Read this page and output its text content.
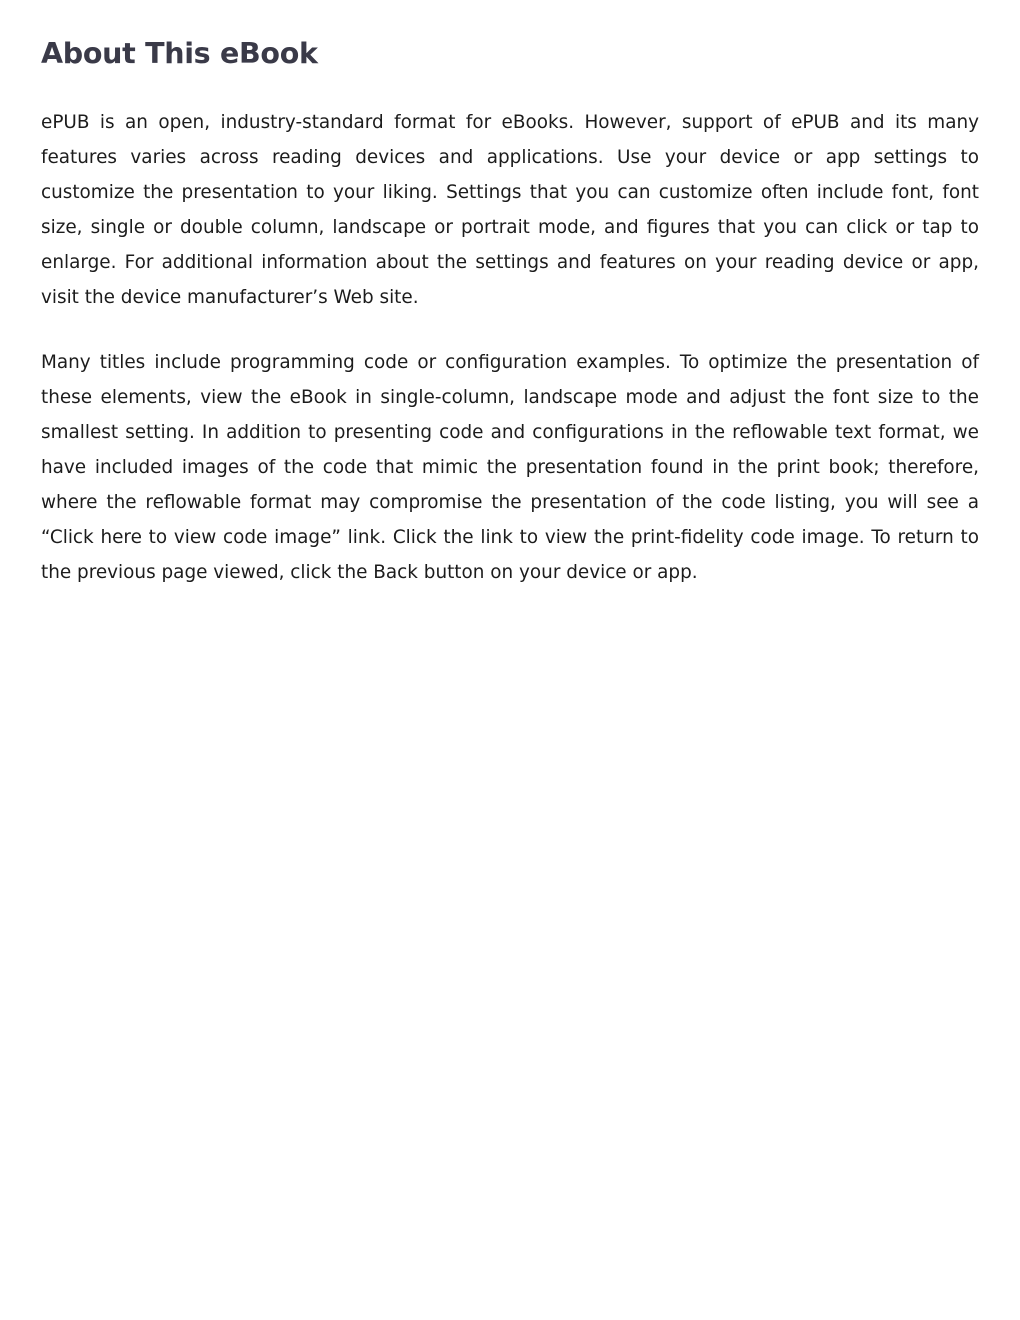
About This eBook

ePUB is an open, industry-standard format for eBooks. However, support of ePUB and its many features varies across reading devices and applications. Use your device or app settings to customize the presentation to your liking. Settings that you can customize often include font, font size, single or double column, landscape or portrait mode, and figures that you can click or tap to enlarge. For additional information about the settings and features on your reading device or app, visit the device manufacturer’s Web site.

Many titles include programming code or configuration examples. To optimize the presentation of these elements, view the eBook in single-column, landscape mode and adjust the font size to the smallest setting. In addition to presenting code and configurations in the reflowable text format, we have included images of the code that mimic the presentation found in the print book; therefore, where the reflowable format may compromise the presentation of the code listing, you will see a “Click here to view code image” link. Click the link to view the print-fidelity code image. To return to the previous page viewed, click the Back button on your device or app.
